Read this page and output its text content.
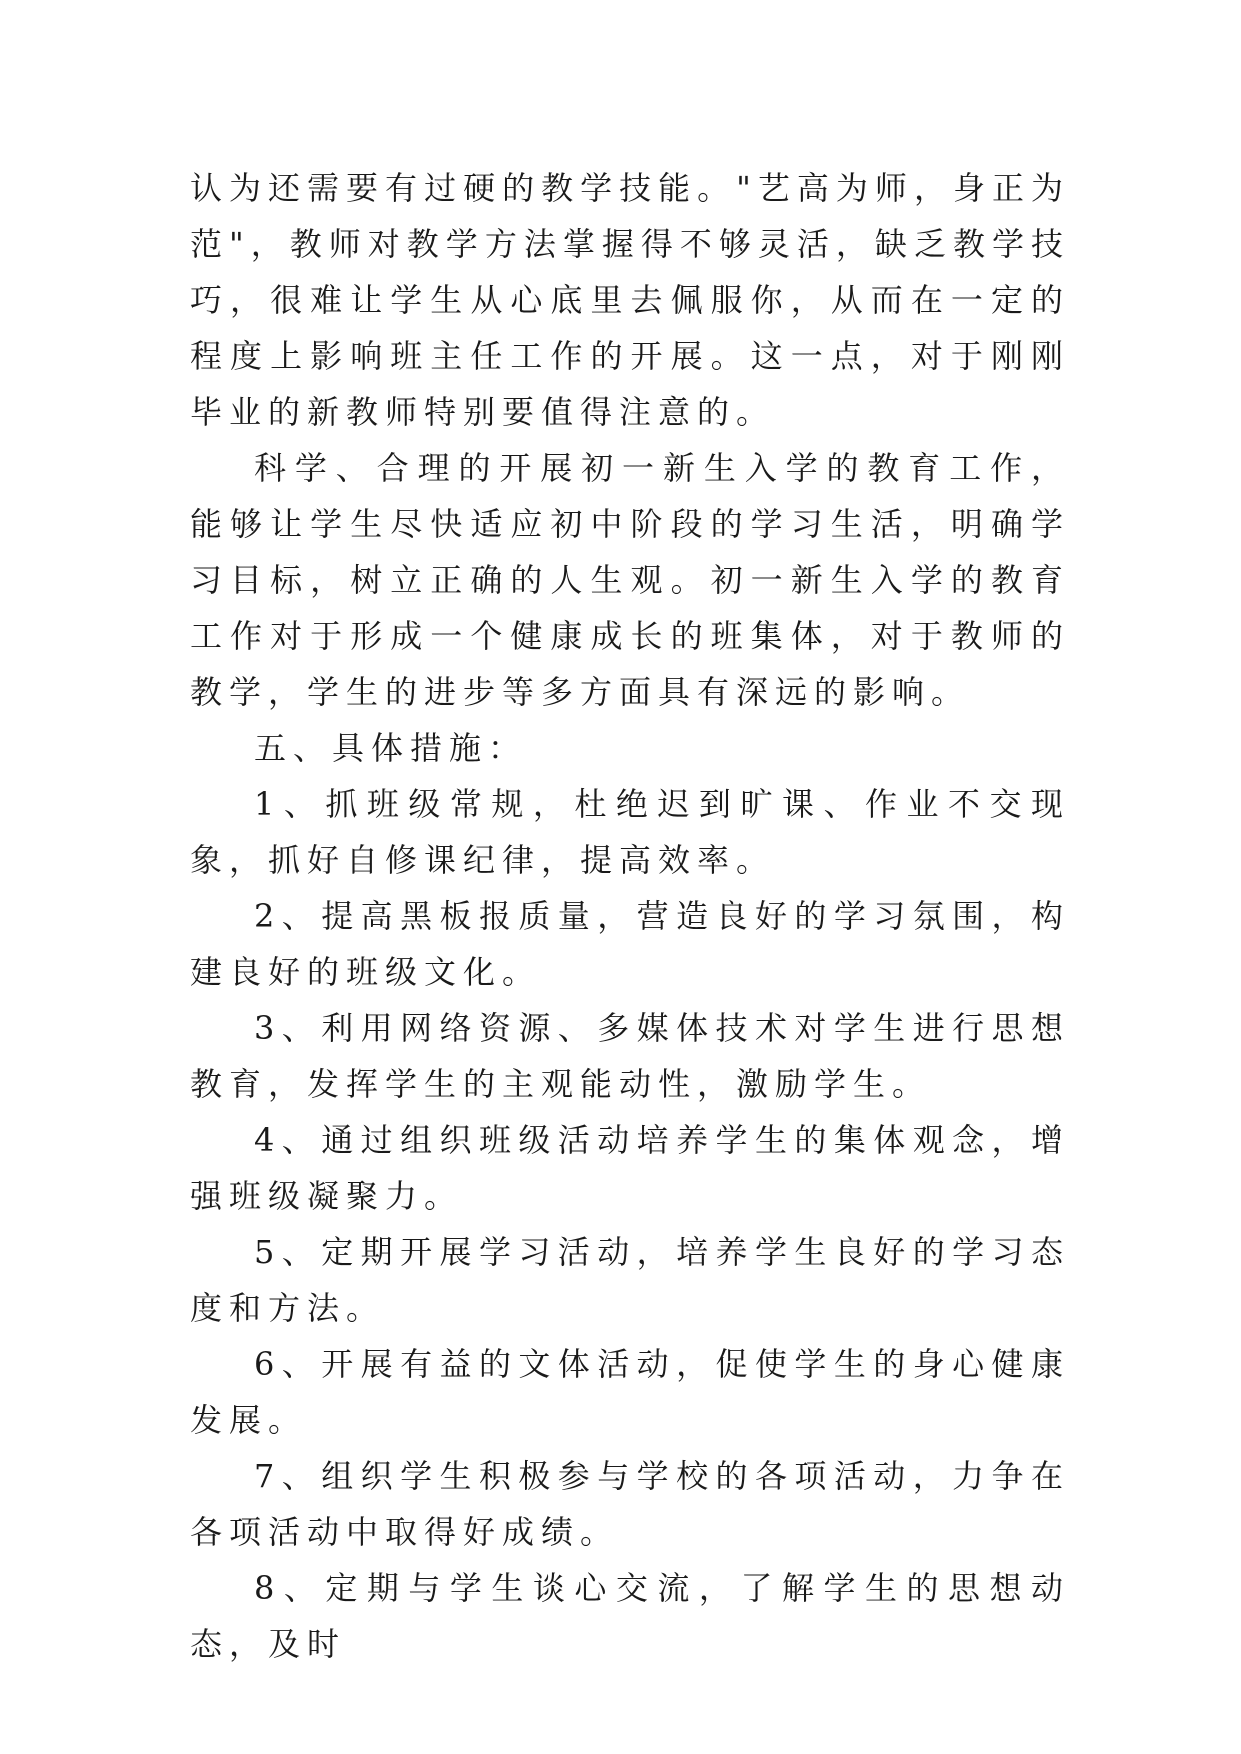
认为还需要有过硬的教学技能。"艺高为师，身正为范"，教师对教学方法掌握得不够灵活，缺乏教学技巧，很难让学生从心底里去佩服你，从而在一定的程度上影响班主任工作的开展。这一点，对于刚刚毕业的新教师特别要值得注意的。

科学、合理的开展初一新生入学的教育工作，能够让学生尽快适应初中阶段的学习生活，明确学习目标，树立正确的人生观。初一新生入学的教育工作对于形成一个健康成长的班集体，对于教师的教学，学生的进步等多方面具有深远的影响。

五、具体措施：

1、抓班级常规，杜绝迟到旷课、作业不交现象，抓好自修课纪律，提高效率。

2、提高黑板报质量，营造良好的学习氛围，构建良好的班级文化。

3、利用网络资源、多媒体技术对学生进行思想教育，发挥学生的主观能动性，激励学生。

4、通过组织班级活动培养学生的集体观念，增强班级凝聚力。

5、定期开展学习活动，培养学生良好的学习态度和方法。

6、开展有益的文体活动，促使学生的身心健康发展。

7、组织学生积极参与学校的各项活动，力争在各项活动中取得好成绩。

8、定期与学生谈心交流，了解学生的思想动态，及时
